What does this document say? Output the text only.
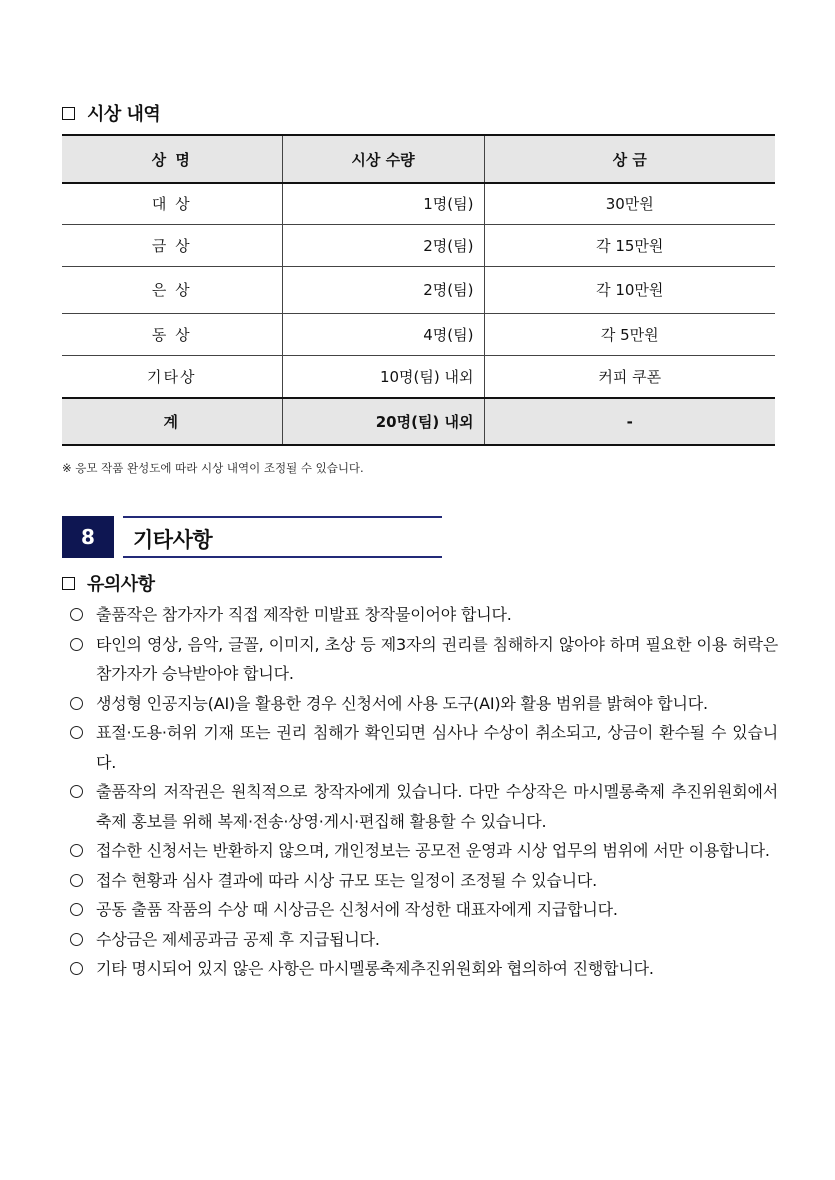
시상 내역
상 명	시상 수량	상 금
대 상	1명(팀)	30만원
금 상	2명(팀)	각 15만원
은 상	2명(팀)	각 10만원
동 상	4명(팀)	각 5만원
기타상	10명(팀) 내외	커피 쿠폰
계	20명(팀) 내외	-
※ 응모 작품 완성도에 따라 시상 내역이 조정될 수 있습니다.
8	기타사항
유의사항
출품작은 참가자가 직접 제작한 미발표 창작물이어야 합니다.
타인의 영상, 음악, 글꼴, 이미지, 초상 등 제3자의 권리를 침해하지 않아야 하며 필요한 이용 허락은 참가자가 승낙받아야 합니다.
생성형 인공지능(AI)을 활용한 경우 신청서에 사용 도구(AI)와 활용 범위를 밝혀야 합니다.
표절·도용·허위 기재 또는 권리 침해가 확인되면 심사나 수상이 취소되고, 상금이 환수될 수 있습니다.
출품작의 저작권은 원칙적으로 창작자에게 있습니다. 다만 수상작은 마시멜롱축제 추진위원회에서 축제 홍보를 위해 복제·전송·상영·게시·편집해 활용할 수 있습니다.
접수한 신청서는 반환하지 않으며, 개인정보는 공모전 운영과 시상 업무의 범위에 서만 이용합니다.
접수 현황과 심사 결과에 따라 시상 규모 또는 일정이 조정될 수 있습니다.
공동 출품 작품의 수상 때 시상금은 신청서에 작성한 대표자에게 지급합니다.
수상금은 제세공과금 공제 후 지급됩니다.
기타 명시되어 있지 않은 사항은 마시멜롱축제추진위원회와 협의하여 진행합니다.
